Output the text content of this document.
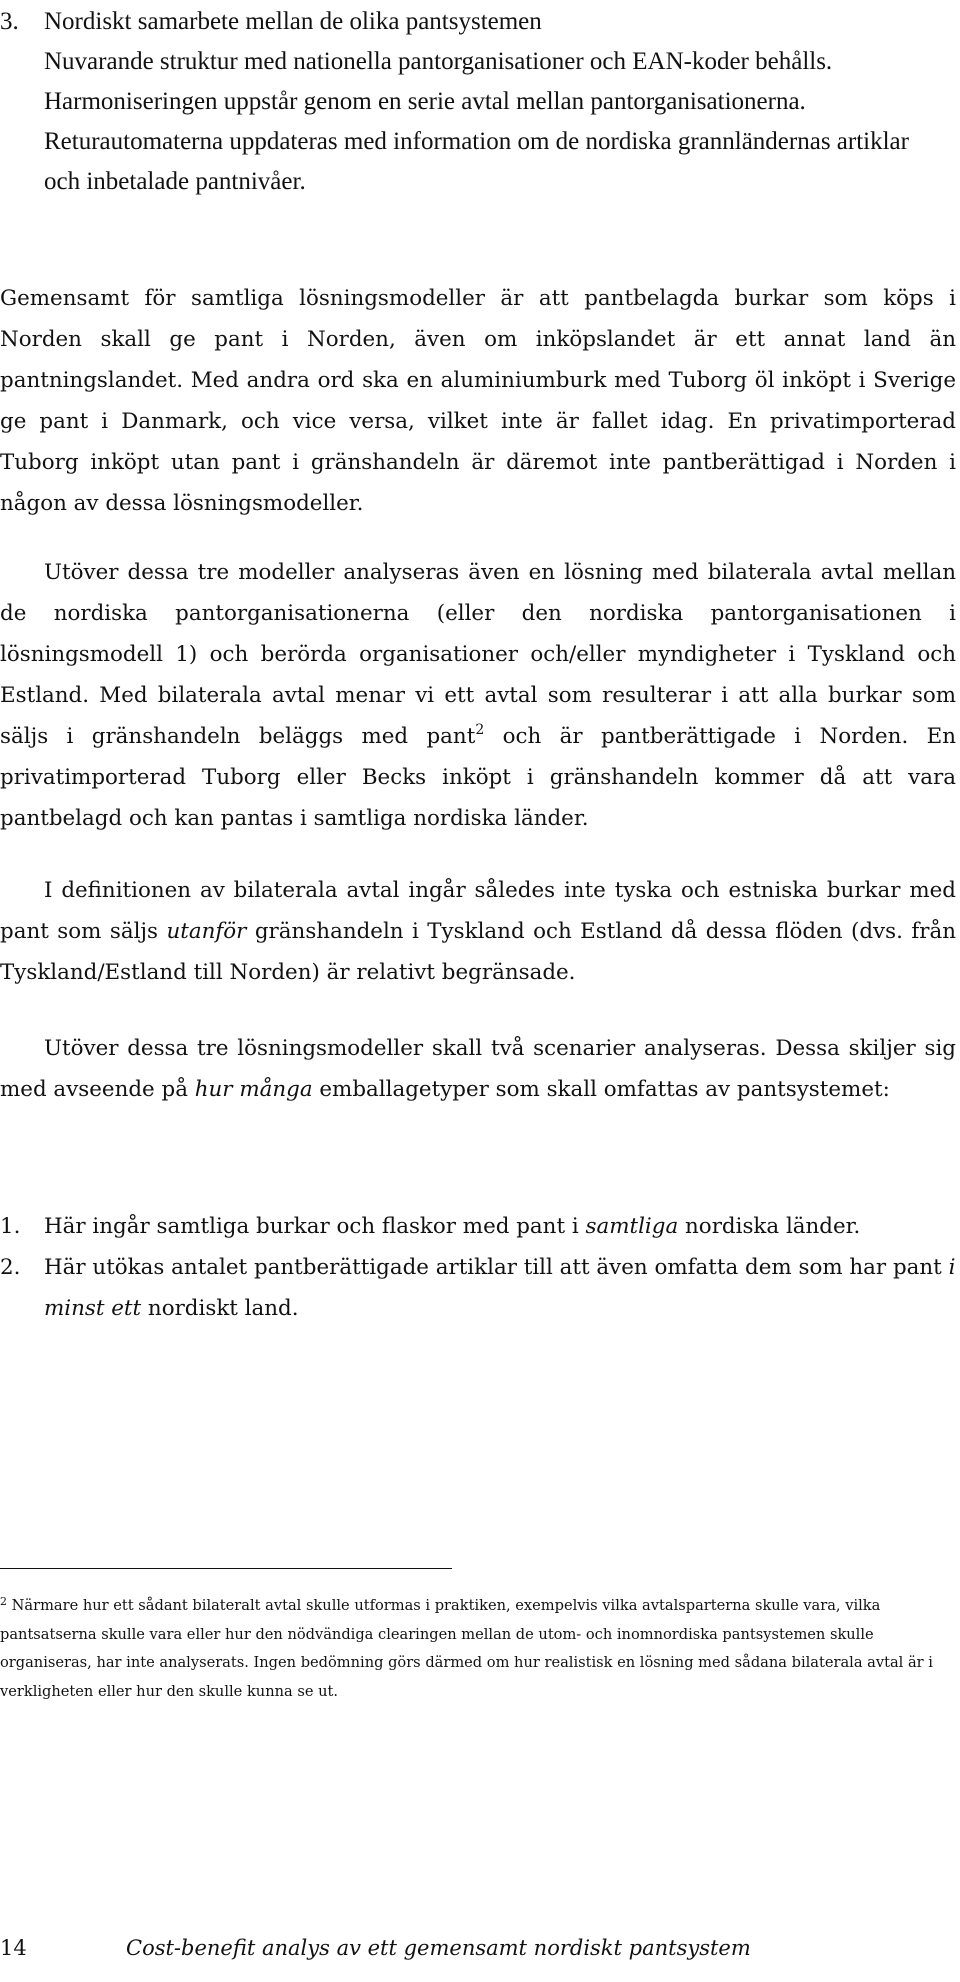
3.	Nordiskt samarbete mellan de olika pantsystemen
Nuvarande struktur med nationella pantorganisationer och EAN-koder behålls. Harmoniseringen uppstår genom en serie avtal mellan pantorganisationerna. Returautomaterna uppdateras med information om de nordiska grannländernas artiklar och inbetalade pantnivåer.

Gemensamt för samtliga lösningsmodeller är att pantbelagda burkar som köps i Norden skall ge pant i Norden, även om inköpslandet är ett annat land än pantningslandet. Med andra ord ska en aluminiumburk med Tuborg öl inköpt i Sverige ge pant i Danmark, och vice versa, vilket inte är fallet idag. En privatimporterad Tuborg inköpt utan pant i gränshandeln är däremot inte pantberättigad i Norden i någon av dessa lösningsmodeller.

Utöver dessa tre modeller analyseras även en lösning med bilaterala avtal mellan de nordiska pantorganisationerna (eller den nordiska pantorganisationen i lösningsmodell 1) och berörda organisationer och/eller myndigheter i Tyskland och Estland. Med bilaterala avtal menar vi ett avtal som resulterar i att alla burkar som säljs i gränshandeln beläggs med pant$^2$ och är pantberättigade i Norden. En privatimporterad Tuborg eller Becks inköpt i gränshandeln kommer då att vara pantbelagd och kan pantas i samtliga nordiska länder.

I definitionen av bilaterala avtal ingår således inte tyska och estniska burkar med pant som säljs utanför gränshandeln i Tyskland och Estland då dessa flöden (dvs. från Tyskland/Estland till Norden) är relativt begränsade.

Utöver dessa tre lösningsmodeller skall två scenarier analyseras. Dessa skiljer sig med avseende på hur många emballagetyper som skall omfattas av pantsystemet:

1. Här ingår samtliga burkar och flaskor med pant i samtliga nordiska länder.
2. Här utökas antalet pantberättigade artiklar till att även omfatta dem som har pant i minst ett nordiskt land.
$^2$ Närmare hur ett sådant bilateralt avtal skulle utformas i praktiken, exempelvis vilka avtalsparterna skulle vara, vilka pantsatserna skulle vara eller hur den nödvändiga clearingen mellan de utom- och inomnordiska pantsystemen skulle organiseras, har inte analyserats. Ingen bedömning görs därmed om hur realistisk en lösning med sådana bilaterala avtal är i verkligheten eller hur den skulle kunna se ut.
14	Cost-benefit analys av ett gemensamt nordiskt pantsystem
